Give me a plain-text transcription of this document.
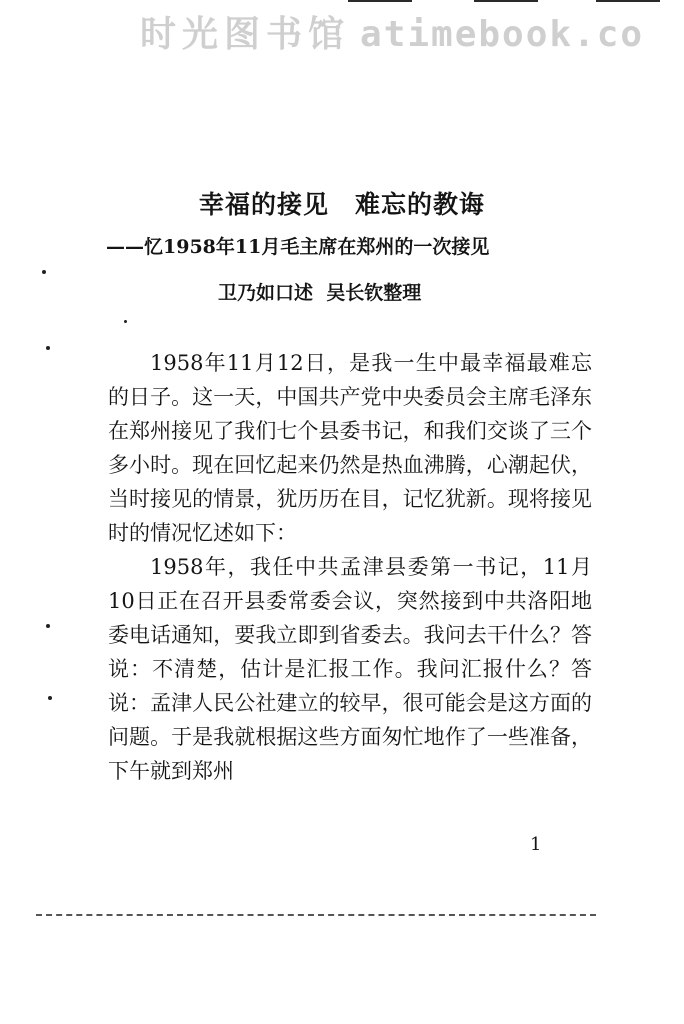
时光图书馆 atimebook.co
幸福的接见　难忘的教诲
——忆1958年11月毛主席在郑州的一次接见
卫乃如口述  吴长钦整理

1958年11月12日，是我一生中最幸福最难忘的日子。这一天，中国共产党中央委员会主席毛泽东在郑州接见了我们七个县委书记，和我们交谈了三个多小时。现在回忆起来仍然是热血沸腾，心潮起伏，当时接见的情景，犹历历在目，记忆犹新。现将接见时的情况忆述如下：

1958年，我任中共孟津县委第一书记，11月10日正在召开县委常委会议，突然接到中共洛阳地委电话通知，要我立即到省委去。我问去干什么？答说：不清楚，估计是汇报工作。我问汇报什么？答说：孟津人民公社建立的较早，很可能会是这方面的问题。于是我就根据这些方面匆忙地作了一些准备，下午就到郑州

1
